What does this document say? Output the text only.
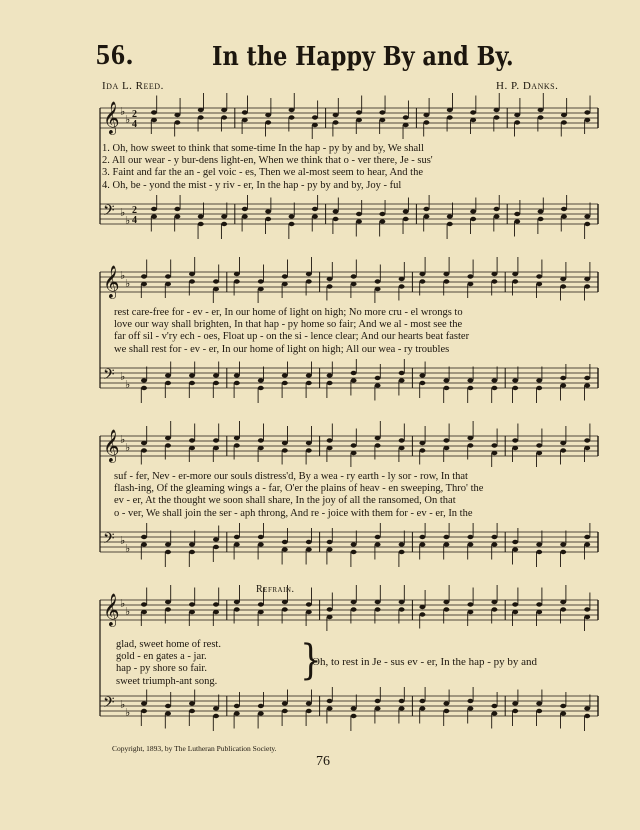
𝄞 ♭
♭ 2
4
𝄢 ♭
♭
2
4
𝄞 ♭
♭
𝄢 ♭
♭
𝄞 ♭
♭
𝄢 ♭
♭
𝄞 ♭
♭
𝄢 ♭
♭
56.	In the Happy By and By.
Ida L. Reed.	H. P. Danks.
1. Oh, how sweet to think that some-time In the hap - py by and by, We shall
2. All our wear - y bur-dens light-en, When we think that o - ver there, Je - sus'
3. Faint and far the an - gel voic - es, Then we al-most seem to hear, And the
4. Oh, be - yond the mist - y riv - er, In the hap - py by and by, Joy - ful
rest care-free for - ev - er, In our home of light on high; No more cru - el wrongs to
love our way shall brighten, In that hap - py home so fair; And we al - most see the
far off sil - v'ry ech - oes, Float up - on the si - lence clear; And our hearts beat faster
we shall rest for - ev - er, In our home of light on high; All our wea - ry troubles
suf - fer, Nev - er-more our souls distress'd, By a wea - ry earth - ly sor - row, In that
flash-ing, Of the gleaming wings a - far, O'er the plains of heav - en sweeping, Thro' the
ev - er, At the thought we soon shall share, In the joy of all the ransomed, On that
o - ver, We shall join the ser - aph throng, And re - joice with them for - ev - er, In the
Refrain.
glad, sweet home of rest.
gold - en gates a - jar.
hap - py shore so fair.
sweet triumph-ant song. }
Oh, to rest in Je - sus ev - er, In the hap - py by and
Copyright, 1893, by The Lutheran Publication Society.
76
